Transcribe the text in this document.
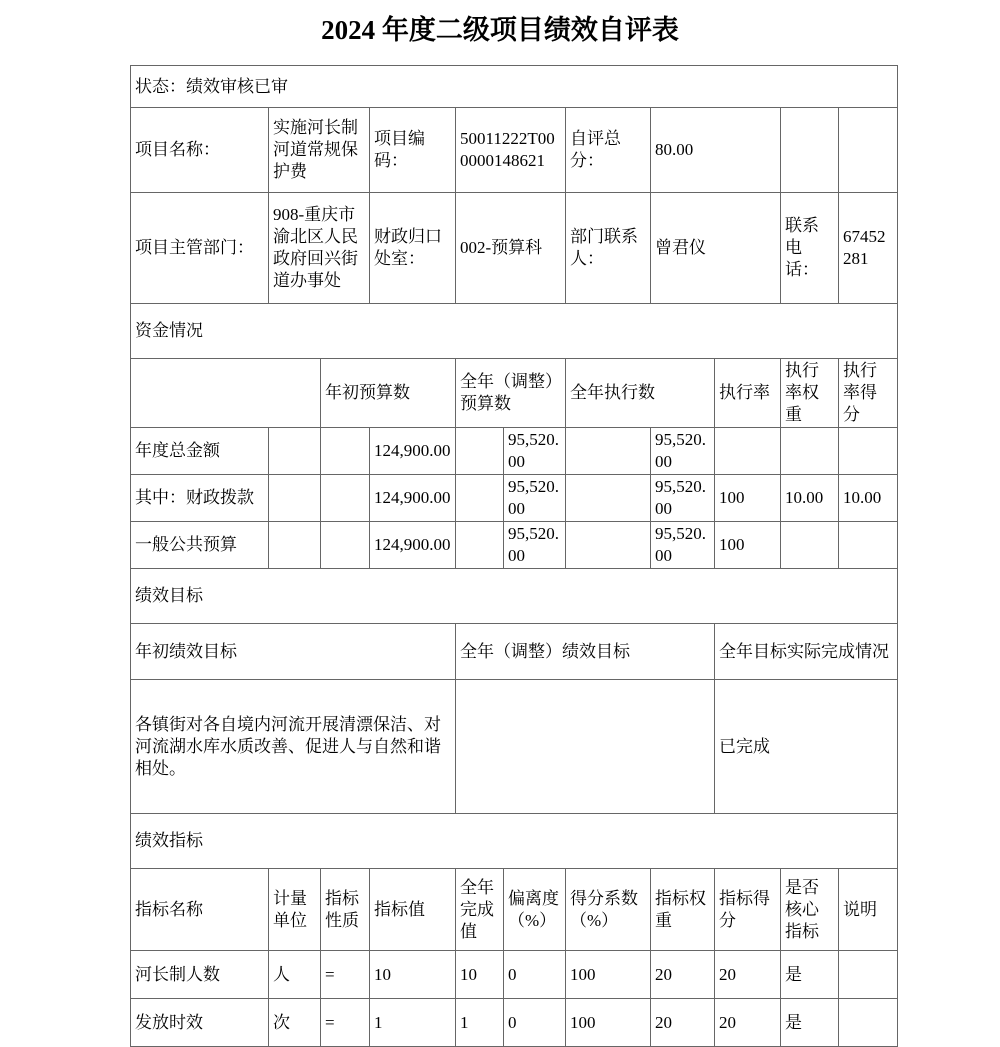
2024 年度二级项目绩效自评表
状态：绩效审核已审										
项目名称：	实施河长制河道常规保护费		项目编码：	50011222T000000148621		自评总分：	80.00			
项目主管部门：	908-重庆市渝北区人民政府回兴街道办事处		财政归口处室：	002-预算科		部门联系人：	曾君仪		联系电话：	67452281
资金情况										
		年初预算数		全年（调整）预算数		全年执行数		执行率	执行率权重	执行率得分
年度总金额			124,900.00		95,520.00		95,520.00			
其中：财政拨款			124,900.00		95,520.00		95,520.00	100	10.00	10.00
一般公共预算			124,900.00		95,520.00		95,520.00	100		
绩效目标										
年初绩效目标				全年（调整）绩效目标				全年目标实际完成情况		
各镇街对各自境内河流开展清漂保洁、对河流湖水库水质改善、促进人与自然和谐相处。								已完成		
绩效指标										
指标名称	计量单位	指标性质	指标值	全年完成值	偏离度（%）	得分系数（%）	指标权重	指标得分	是否核心指标	说明
河长制人数	人	=	10	10	0	100	20	20	是	
发放时效	次	=	1	1	0	100	20	20	是	
